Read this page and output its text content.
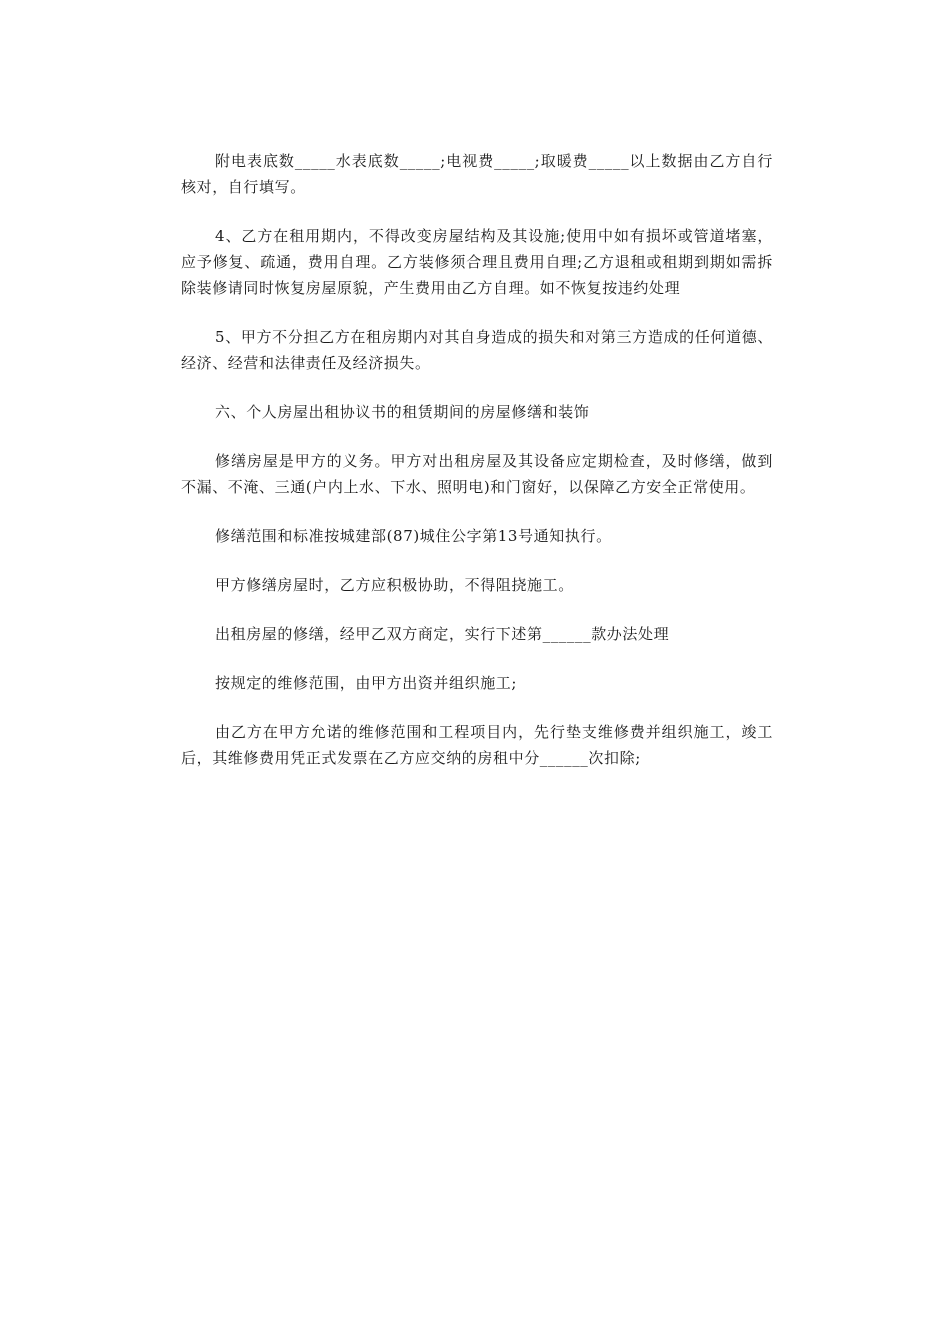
附电表底数_____水表底数_____;电视费_____;取暖费_____以上数据由乙方自行核对，自行填写。

4、乙方在租用期内，不得改变房屋结构及其设施;使用中如有损坏或管道堵塞，应予修复、疏通，费用自理。乙方装修须合理且费用自理;乙方退租或租期到期如需拆除装修请同时恢复房屋原貌，产生费用由乙方自理。如不恢复按违约处理

5、甲方不分担乙方在租房期内对其自身造成的损失和对第三方造成的任何道德、经济、经营和法律责任及经济损失。

六、个人房屋出租协议书的租赁期间的房屋修缮和装饰

修缮房屋是甲方的义务。甲方对出租房屋及其设备应定期检查，及时修缮，做到不漏、不淹、三通(户内上水、下水、照明电)和门窗好，以保障乙方安全正常使用。

修缮范围和标准按城建部(87)城住公字第13号通知执行。

甲方修缮房屋时，乙方应积极协助，不得阻挠施工。

出租房屋的修缮，经甲乙双方商定，实行下述第______款办法处理

按规定的维修范围，由甲方出资并组织施工;

由乙方在甲方允诺的维修范围和工程项目内，先行垫支维修费并组织施工，竣工后，其维修费用凭正式发票在乙方应交纳的房租中分______次扣除;
